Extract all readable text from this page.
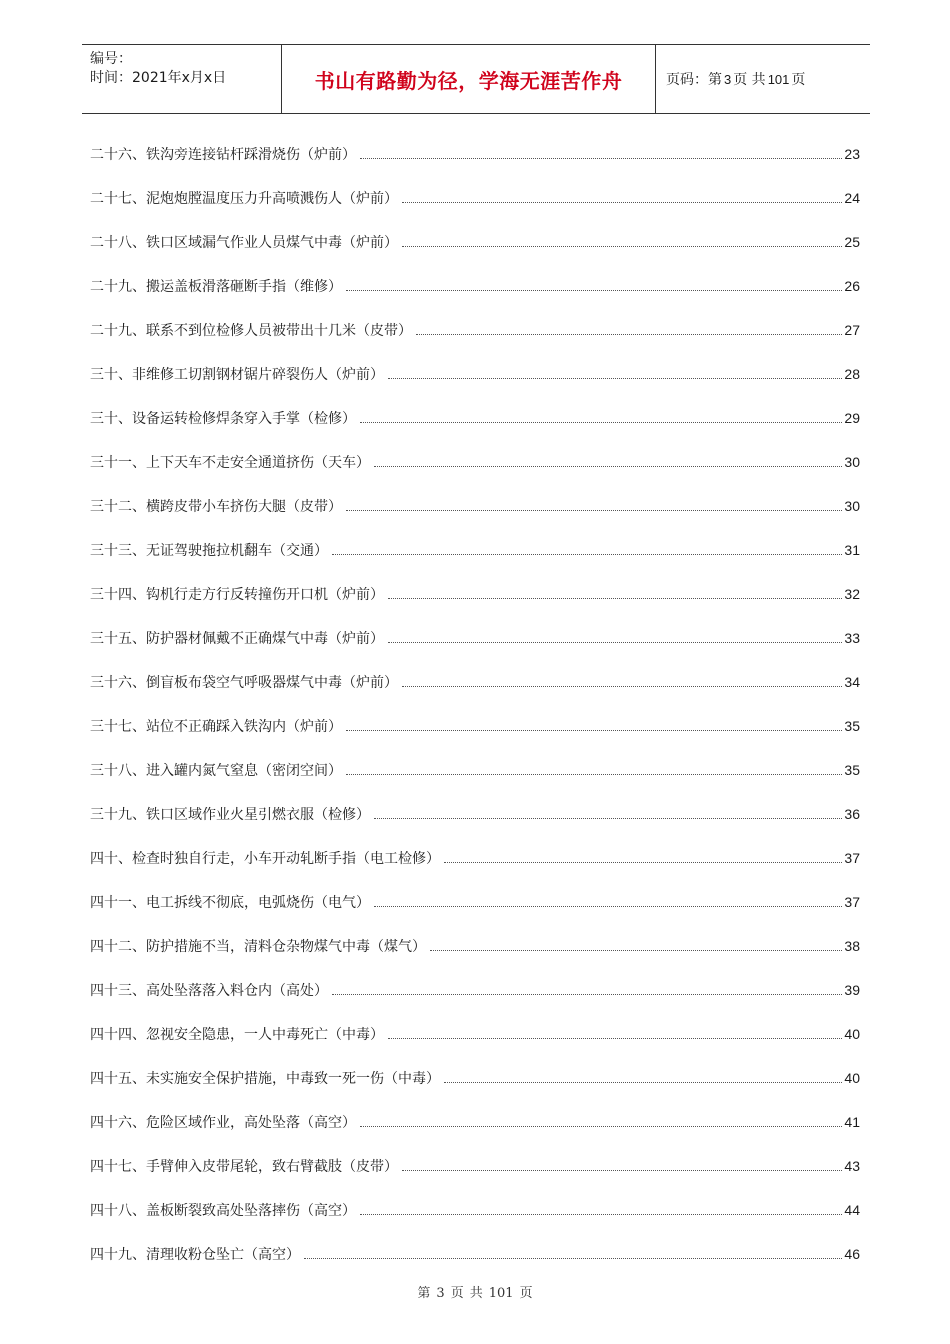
编号：
时间：2021年x月x日	书山有路勤为径，学海无涯苦作舟	页码：第 3 页 共 101 页
二十六、铁沟旁连接钻杆踩滑烧伤（炉前）	23
二十七、泥炮炮膛温度压力升高喷溅伤人（炉前）	24
二十八、铁口区域漏气作业人员煤气中毒（炉前）	25
二十九、搬运盖板滑落砸断手指（维修）	26
二十九、联系不到位检修人员被带出十几米（皮带）	27
三十、非维修工切割钢材锯片碎裂伤人（炉前）	28
三十、设备运转检修焊条穿入手掌（检修）	29
三十一、上下天车不走安全通道挤伤（天车）	30
三十二、横跨皮带小车挤伤大腿（皮带）	30
三十三、无证驾驶拖拉机翻车（交通）	31
三十四、钩机行走方行反转撞伤开口机（炉前）	32
三十五、防护器材佩戴不正确煤气中毒（炉前）	33
三十六、倒盲板布袋空气呼吸器煤气中毒（炉前）	34
三十七、站位不正确踩入铁沟内（炉前）	35
三十八、进入罐内氮气窒息（密闭空间）	35
三十九、铁口区域作业火星引燃衣服（检修）	36
四十、检查时独自行走，小车开动轧断手指（电工检修）	37
四十一、电工拆线不彻底，电弧烧伤（电气）	37
四十二、防护措施不当，清料仓杂物煤气中毒（煤气）	38
四十三、高处坠落落入料仓内（高处）	39
四十四、忽视安全隐患，一人中毒死亡（中毒）	40
四十五、未实施安全保护措施，中毒致一死一伤（中毒）	40
四十六、危险区域作业，高处坠落（高空）	41
四十七、手臂伸入皮带尾轮，致右臂截肢（皮带）	43
四十八、盖板断裂致高处坠落摔伤（高空）	44
四十九、清理收粉仓坠亡（高空）	46
第 3 页 共 101 页
